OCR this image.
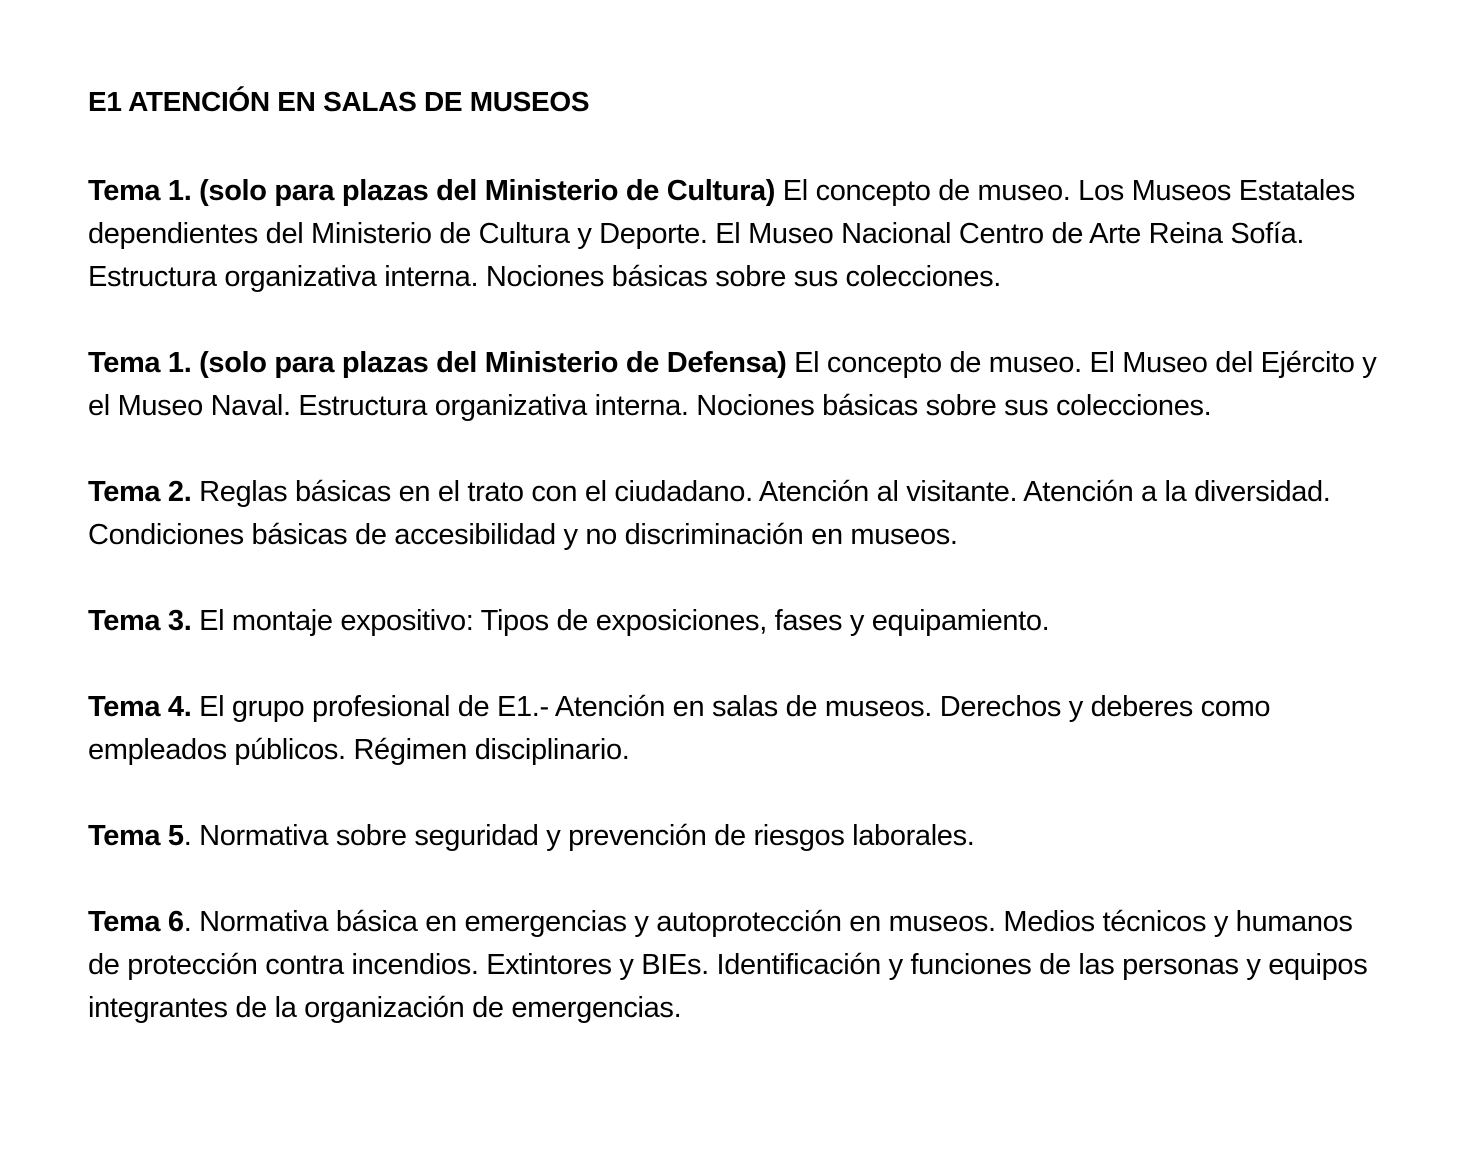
E1 ATENCIÓN EN SALAS DE MUSEOS

Tema 1. (solo para plazas del Ministerio de Cultura) El concepto de museo. Los Museos Estatales dependientes del Ministerio de Cultura y Deporte. El Museo Nacional Centro de Arte Reina Sofía. Estructura organizativa interna. Nociones básicas sobre sus colecciones.

Tema 1. (solo para plazas del Ministerio de Defensa) El concepto de museo. El Museo del Ejército y el Museo Naval. Estructura organizativa interna. Nociones básicas sobre sus colecciones.

Tema 2. Reglas básicas en el trato con el ciudadano. Atención al visitante. Atención a la diversidad. Condiciones básicas de accesibilidad y no discriminación en museos.

Tema 3. El montaje expositivo: Tipos de exposiciones, fases y equipamiento.

Tema 4. El grupo profesional de E1.- Atención en salas de museos. Derechos y deberes como empleados públicos. Régimen disciplinario.

Tema 5. Normativa sobre seguridad y prevención de riesgos laborales.

Tema 6. Normativa básica en emergencias y autoprotección en museos. Medios técnicos y humanos de protección contra incendios. Extintores y BIEs. Identificación y funciones de las personas y equipos integrantes de la organización de emergencias.
